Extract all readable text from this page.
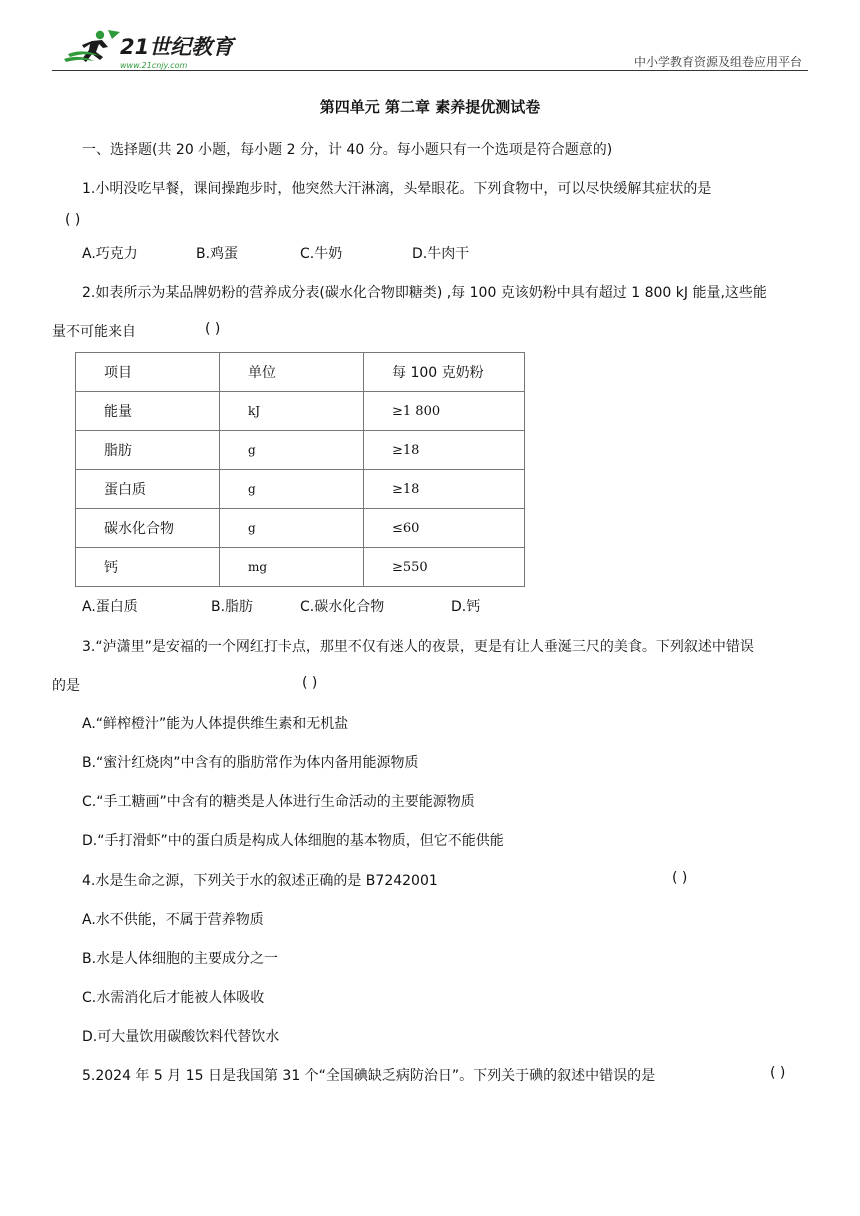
21世纪教育
www.21cnjy.com	中小学教育资源及组卷应用平台
第四单元 第二章 素养提优测试卷
一、选择题(共 20 小题，每小题 2 分，计 40 分。每小题只有一个选项是符合题意的)
1.小明没吃早餐，课间操跑步时，他突然大汗淋漓，头晕眼花。下列食物中，可以尽快缓解其症状的是
( )
A.巧克力	B.鸡蛋	C.牛奶	D.牛肉干
2.如表所示为某品牌奶粉的营养成分表(碳水化合物即糖类) ,每 100 克该奶粉中具有超过 1 800 kJ 能量,这些能
量不可能来自	( )
项目	单位	每 100 克奶粉
能量	kJ	≥1 800
脂肪	g	≥18
蛋白质	g	≥18
碳水化合物	g	≤60
钙	mg	≥550
A.蛋白质	B.脂肪	C.碳水化合物	D.钙
3.“泸潇里”是安福的一个网红打卡点，那里不仅有迷人的夜景，更是有让人垂涎三尺的美食。下列叙述中错误
的是	( )
A.“鲜榨橙汁”能为人体提供维生素和无机盐
B.“蜜汁红烧肉”中含有的脂肪常作为体内备用能源物质
C.“手工糖画”中含有的糖类是人体进行生命活动的主要能源物质
D.“手打滑虾”中的蛋白质是构成人体细胞的基本物质，但它不能供能
4.水是生命之源，下列关于水的叙述正确的是 B7242001	( )
A.水不供能，不属于营养物质
B.水是人体细胞的主要成分之一
C.水需消化后才能被人体吸收
D.可大量饮用碳酸饮料代替饮水
5.2024 年 5 月 15 日是我国第 31 个“全国碘缺乏病防治日”。下列关于碘的叙述中错误的是	( )
